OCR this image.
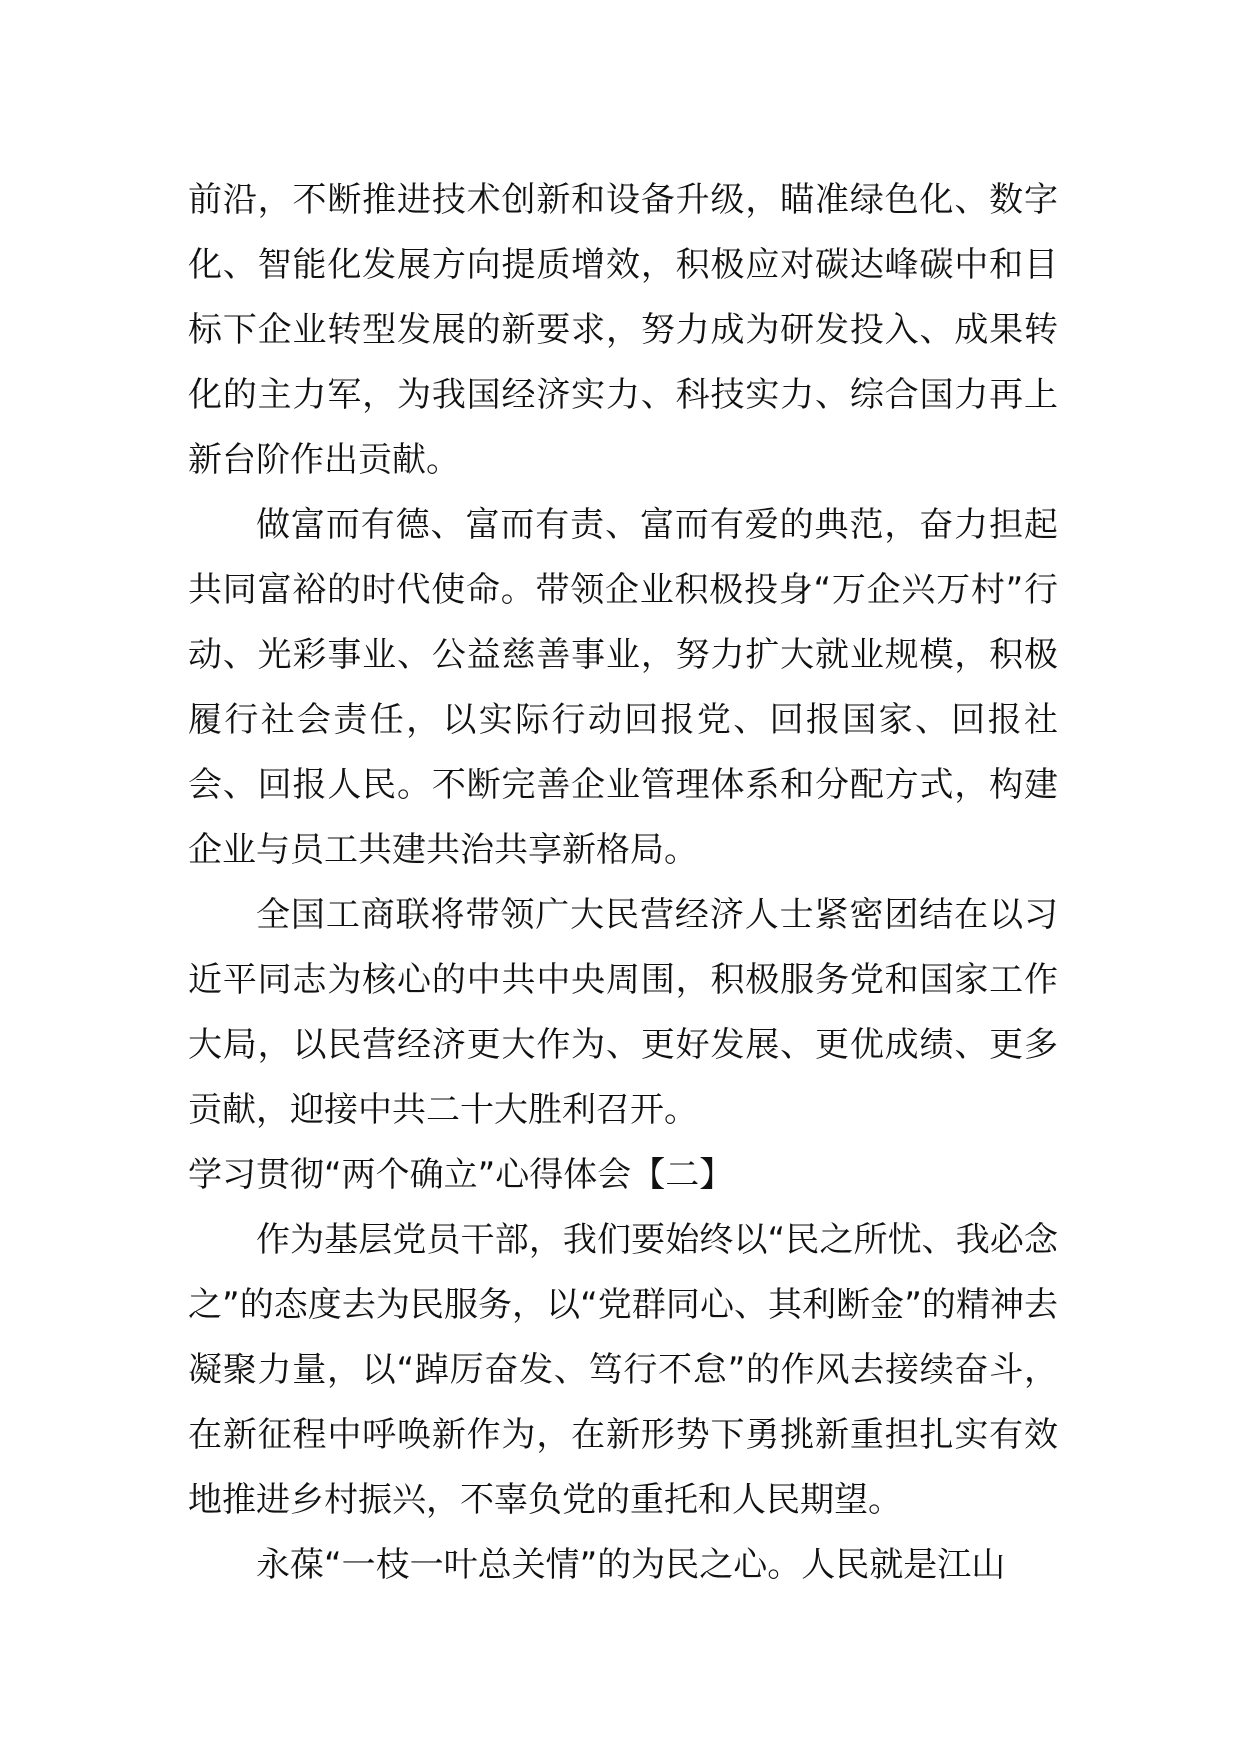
前沿，不断推进技术创新和设备升级，瞄准绿色化、数字化、智能化发展方向提质增效，积极应对碳达峰碳中和目标下企业转型发展的新要求，努力成为研发投入、成果转化的主力军，为我国经济实力、科技实力、综合国力再上新台阶作出贡献。

做富而有德、富而有责、富而有爱的典范，奋力担起共同富裕的时代使命。带领企业积极投身“万企兴万村”行动、光彩事业、公益慈善事业，努力扩大就业规模，积极履行社会责任，以实际行动回报党、回报国家、回报社会、回报人民。不断完善企业管理体系和分配方式，构建企业与员工共建共治共享新格局。

全国工商联将带领广大民营经济人士紧密团结在以习近平同志为核心的中共中央周围，积极服务党和国家工作大局，以民营经济更大作为、更好发展、更优成绩、更多贡献，迎接中共二十大胜利召开。

学习贯彻“两个确立”心得体会【二】

作为基层党员干部，我们要始终以“民之所忧、我必念之”的态度去为民服务，以“党群同心、其利断金”的精神去凝聚力量，以“踔厉奋发、笃行不怠”的作风去接续奋斗，在新征程中呼唤新作为，在新形势下勇挑新重担扎实有效地推进乡村振兴，不辜负党的重托和人民期望。

永葆“一枝一叶总关情”的为民之心。人民就是江山
